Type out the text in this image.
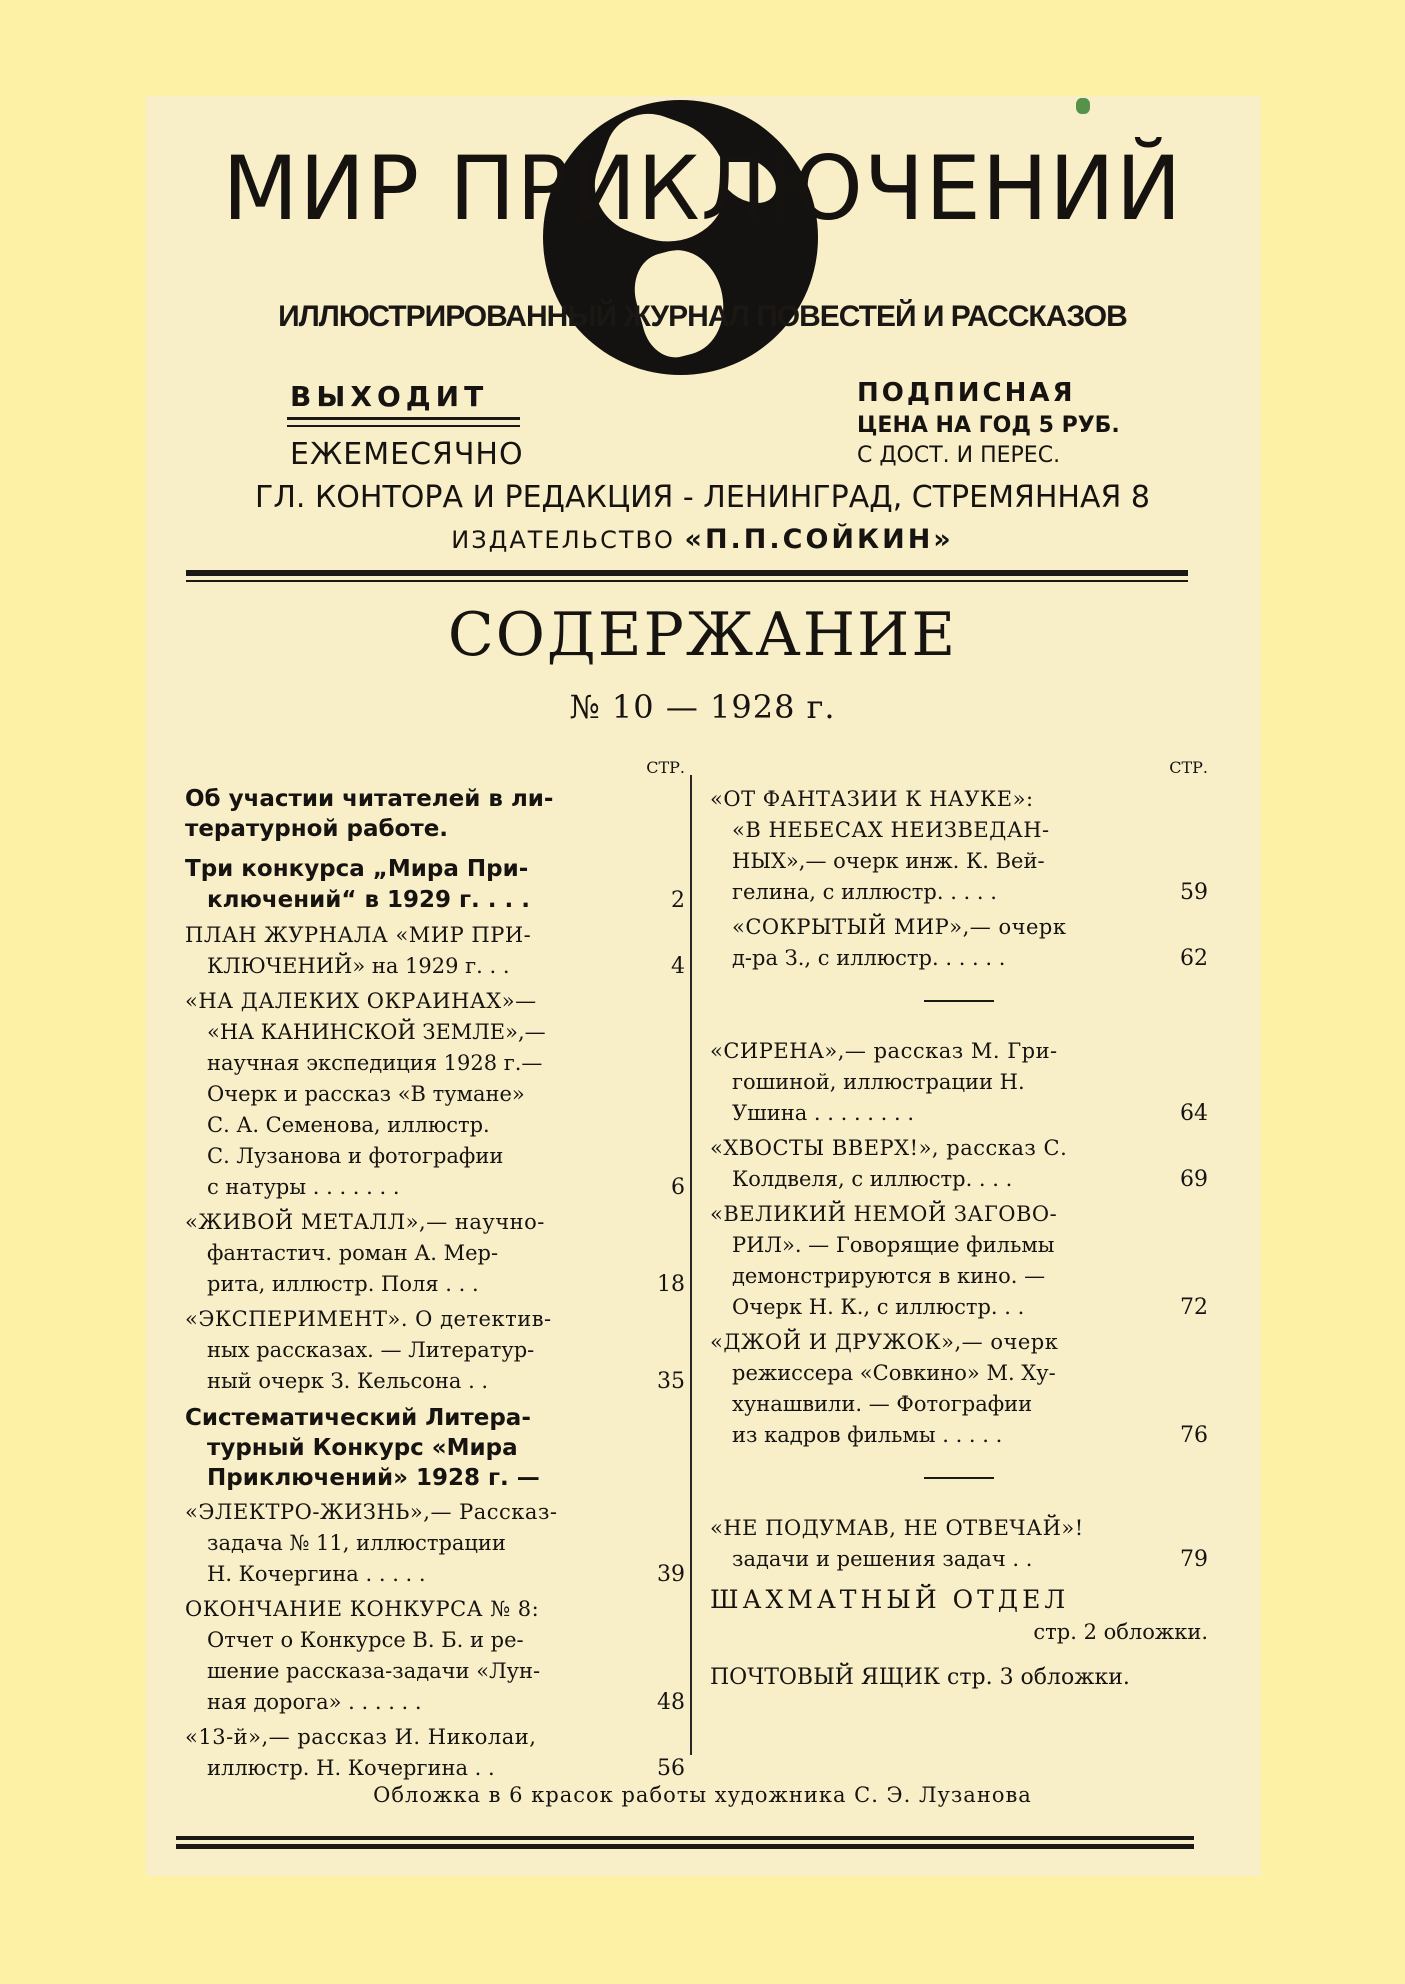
МИР ПРИКЛЮЧЕНИЙ
ИЛЛЮСТРИРОВАННЫЙ ЖУРНАЛ ПОВЕСТЕЙ И РАССКАЗОВ
ВЫХОДИТ
ЕЖЕМЕСЯЧНО
ПОДПИСНАЯ
ЦЕНА НА ГОД 5 РУБ.
С ДОСТ. И ПЕРЕС.
ГЛ. КОНТОРА И РЕДАКЦИЯ - ЛЕНИНГРАД, СТРЕМЯННАЯ 8
ИЗДАТЕЛЬСТВО «П.П.СОЙКИН»
СОДЕРЖАНИЕ
№ 10 — 1928 г.
СТР.
Об участии читателей в ли-
тературной работе.
Три конкурса „Мира При-
ключений“ в 1929 г. . . .	2
ПЛАН ЖУРНАЛА «МИР ПРИ-
КЛЮЧЕНИЙ» на 1929 г. . .	4
«НА ДАЛЕКИХ ОКРАИНАХ»—
«НА КАНИНСКОЙ ЗЕМЛЕ»,—
научная экспедиция 1928 г.—
Очерк и рассказ «В тумане»
С. А. Семенова, иллюстр.
С. Лузанова и фотографии
с натуры . . . . . . .	6
«ЖИВОЙ МЕТАЛЛ»,— научно-
фантастич. роман А. Мер-
рита, иллюстр. Поля . . .	18
«ЭКСПЕРИМЕНТ». О детектив-
ных рассказах. — Литератур-
ный очерк З. Кельсона . .	35
Систематический Литера-
турный Конкурс «Мира
Приключений» 1928 г. —
«ЭЛЕКТРО-ЖИЗНЬ»,— Рассказ-
задача № 11, иллюстрации
Н. Кочергина . . . . .	39
ОКОНЧАНИЕ КОНКУРСА № 8:
Отчет о Конкурсе В. Б. и ре-
шение рассказа-задачи «Лун-
ная дорога» . . . . . .	48
«13-й»,— рассказ И. Николаи,
иллюстр. Н. Кочергина . .	56
СТР.
«ОТ ФАНТАЗИИ К НАУКЕ»:
«В НЕБЕСАХ НЕИЗВЕДАН-
НЫХ»,— очерк инж. К. Вей-
гелина, с иллюстр. . . . .	59
«СОКРЫТЫЙ МИР»,— очерк
д-ра З., с иллюстр. . . . . .	62
«СИРЕНА»,— рассказ М. Гри-
гошиной, иллюстрации Н.
Ушина . . . . . . . .	64
«ХВОСТЫ ВВЕРХ!», рассказ С.
Колдвеля, с иллюстр. . . .	69
«ВЕЛИКИЙ НЕМОЙ ЗАГОВО-
РИЛ». — Говорящие фильмы
демонстрируются в кино. —
Очерк Н. К., с иллюстр. . .	72
«ДЖОЙ И ДРУЖОК»,— очерк
режиссера «Совкино» М. Ху-
хунашвили. — Фотографии
из кадров фильмы . . . . .	76
«НЕ ПОДУМАВ, НЕ ОТВЕЧАЙ»!
задачи и решения задач . .	79
ШАХМАТНЫЙ ОТДЕЛ
стр. 2 обложки.
ПОЧТОВЫЙ ЯЩИК стр. 3 обложки.
Обложка в 6 красок работы художника С. Э. Лузанова
